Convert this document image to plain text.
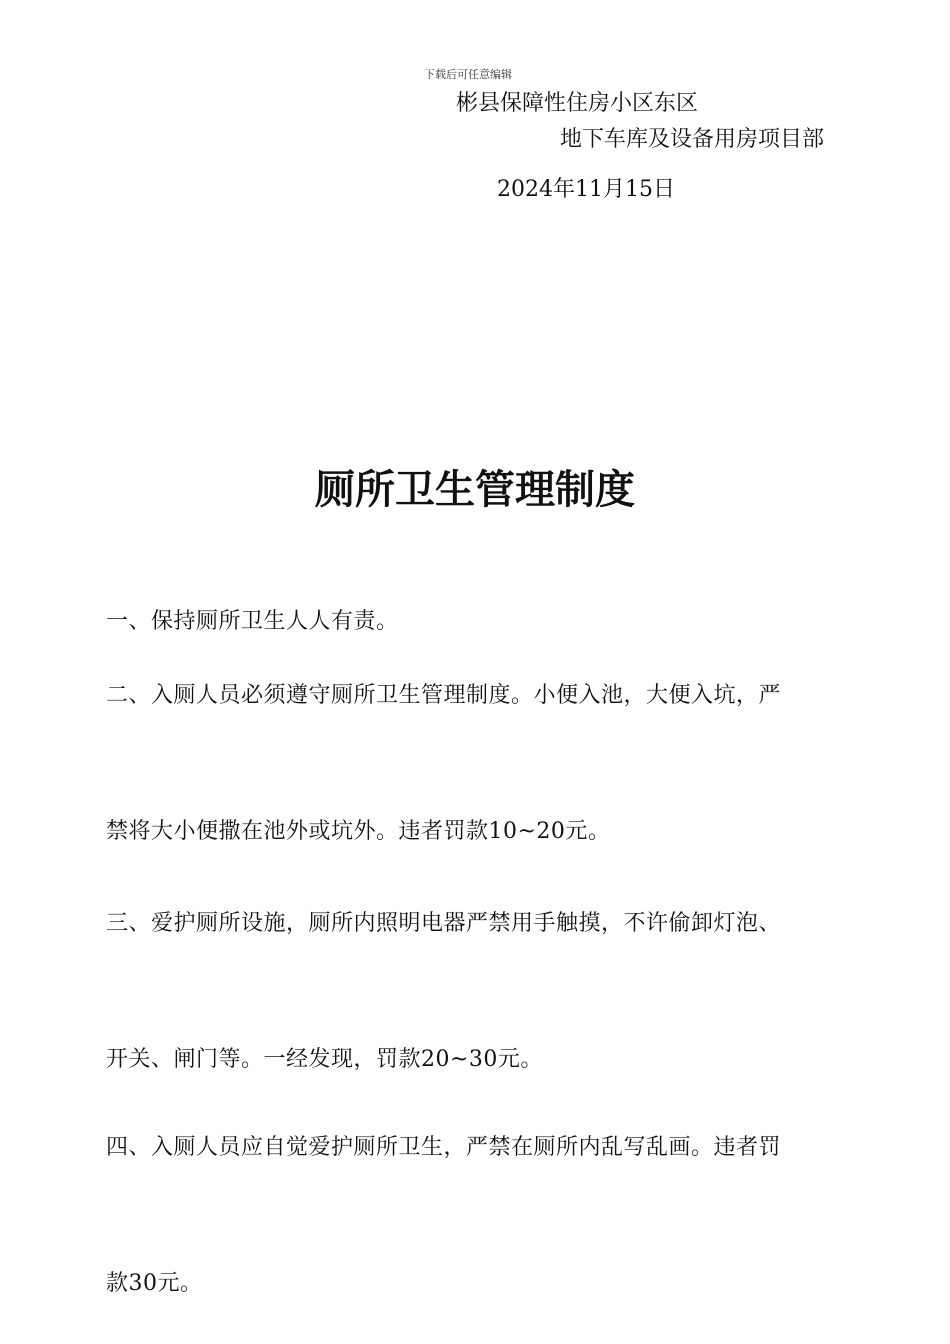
下载后可任意编辑
彬县保障性住房小区东区
地下车库及设备用房项目部
2024年11月15日
厕所卫生管理制度
一、保持厕所卫生人人有责。
二、入厕人员必须遵守厕所卫生管理制度。小便入池，大便入坑，严
禁将大小便撒在池外或坑外。违者罚款10~20元。
三、爱护厕所设施，厕所内照明电器严禁用手触摸，不许偷卸灯泡、
开关、闸门等。一经发现，罚款20~30元。
四、入厕人员应自觉爱护厕所卫生，严禁在厕所内乱写乱画。违者罚
款30元。
